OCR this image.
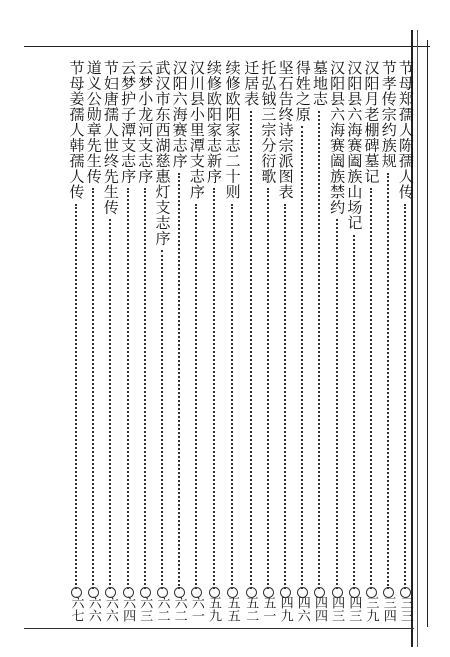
节母郑孺人陈孺人传
三三
节孝传宗约族规
三四
汉阳月老棚碑墓记
三九
汉阳县六海赛阖族山场记
四三
汉阳县六海赛阖族禁约
四三
墓地志
四四
得姓之原
四六
坚石告终诗宗派图表
四九
托弘钺三宗分衍歌
五一
迁居表
五二
续修欧阳家志二十则
五五
续修欧阳家志新序
五九
汉川县小里潭支志序
六一
汉阳六海赛志序
六二
武汉市东西湖慈惠灯支志序
六二
云梦小龙河支志序
六三
云梦护子潭支志序
六四
节妇唐孺人世终先生传
六六
道义公勋章先生传
六六
节母姜孺人韩孺人传
六七
